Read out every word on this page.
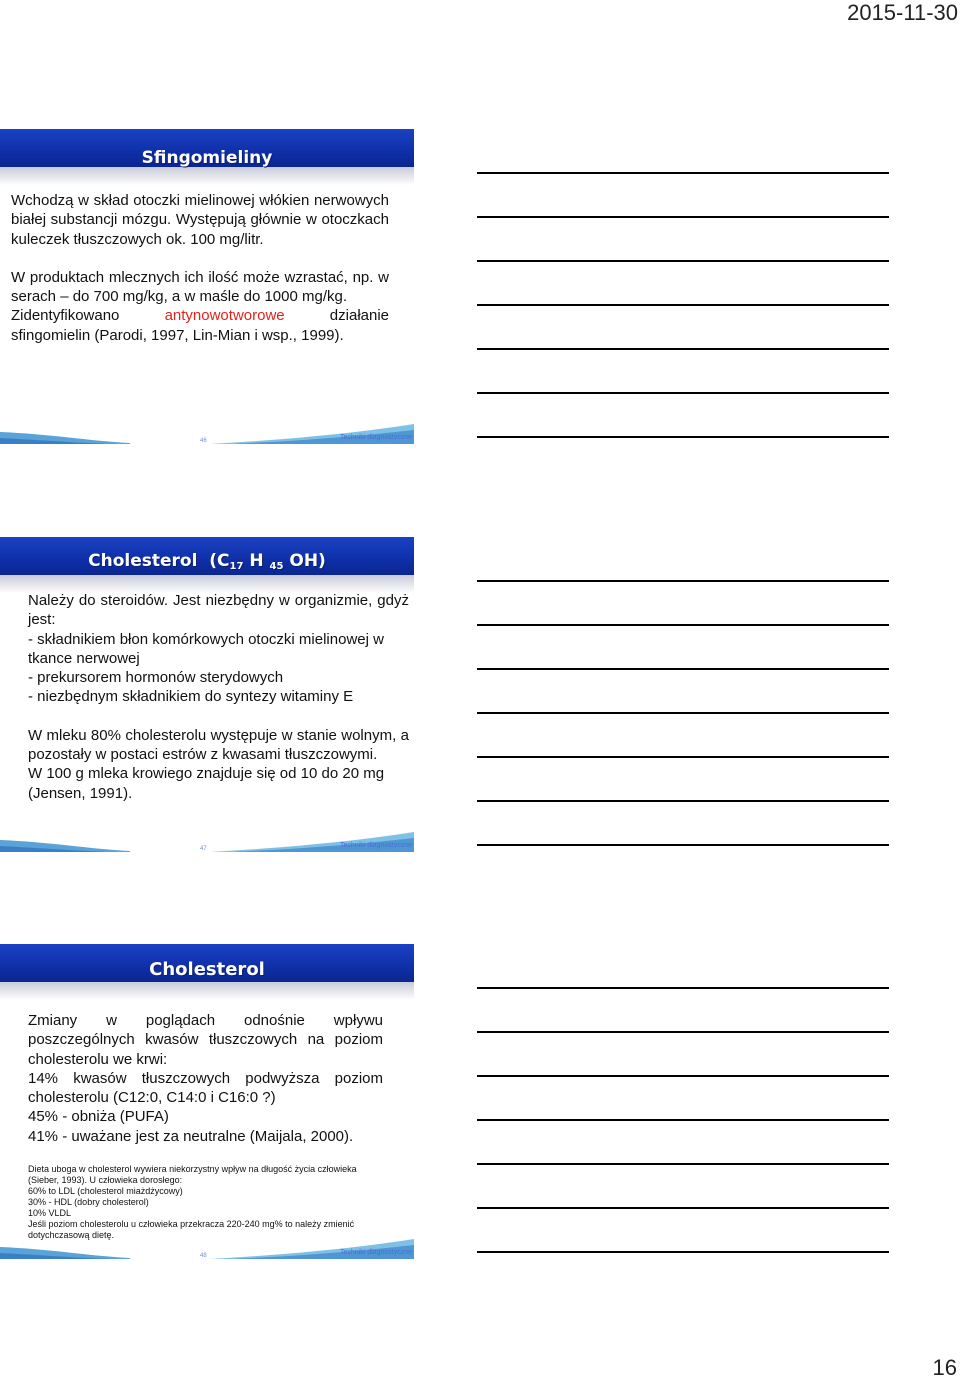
2015-11-30
Sfingomieliny

Wchodzą w skład otoczki mielinowej włókien nerwowych białej substancji mózgu. Występują głównie w otoczkach kuleczek tłuszczowych ok. 100 mg/litr.

W produktach mlecznych ich ilość może wzrastać, np. w serach – do 700 mg/kg, a w maśle do 1000 mg/kg.

Zidentyfikowano	antynowotworowe	działanie sfingomielin (Parodi, 1997, Lin-Mian i wsp., 1999).

46	Techniki diagnostyczne
Cholesterol ($C_{17}$ H $_{45}$ OH)

Należy do steroidów. Jest niezbędny w organizmie, gdyż jest:

- składnikiem błon komórkowych otoczki mielinowej w tkance nerwowej

- prekursorem hormonów sterydowych

- niezbędnym składnikiem do syntezy witaminy E

W mleku 80% cholesterolu występuje w stanie wolnym, a pozostały w postaci estrów z kwasami tłuszczowymi.

W 100 g mleka krowiego znajduje się od 10 do 20 mg (Jensen, 1991).

47	Techniki diagnostyczne
Cholesterol

Zmiany w poglądach odnośnie wpływu poszczególnych kwasów tłuszczowych na poziom cholesterolu we krwi:

14% kwasów tłuszczowych podwyższa poziom cholesterolu (C12:0, C14:0 i C16:0 ?)

45% - obniża (PUFA)

41% - uważane jest za neutralne (Maijala, 2000).

Dieta uboga w cholesterol wywiera niekorzystny wpływ na długość życia człowieka (Sieber, 1993). U człowieka dorosłego:

60% to LDL (cholesterol miażdżycowy)

30% - HDL (dobry cholesterol)

10% VLDL

Jeśli poziom cholesterolu u człowieka przekracza 220-240 mg% to należy zmienić dotychczasową dietę.

48	Techniki diagnostyczne
16
